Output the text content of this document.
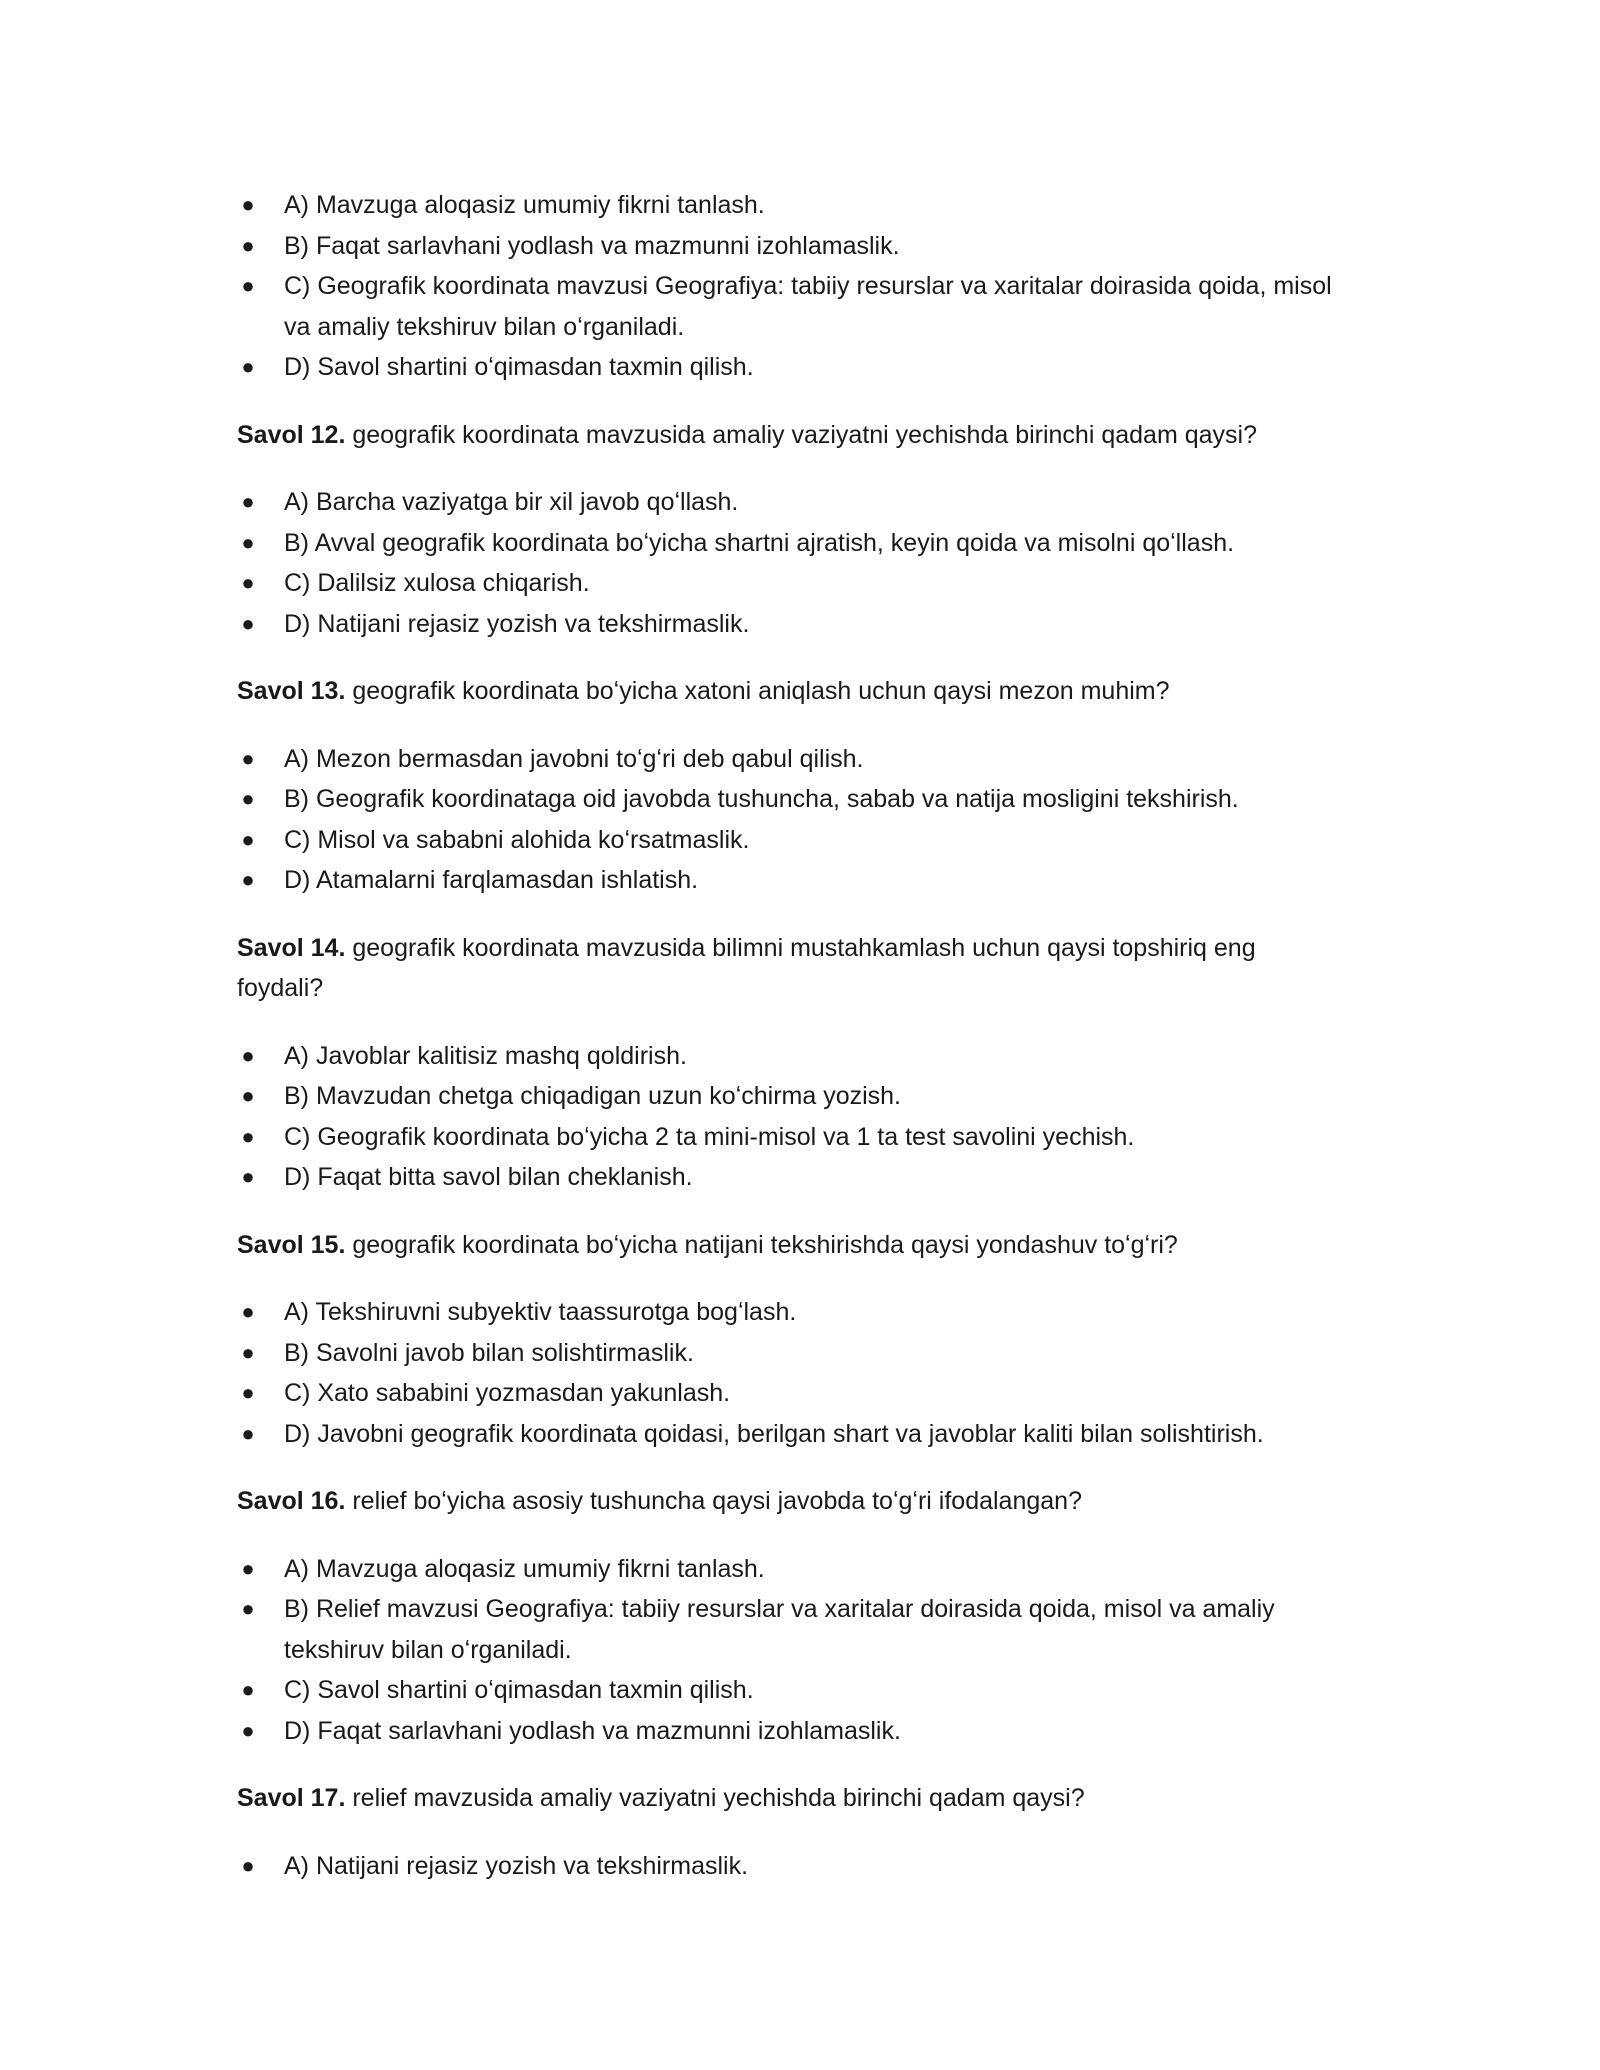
● A) Mavzuga aloqasiz umumiy fikrni tanlash.
● B) Faqat sarlavhani yodlash va mazmunni izohlamaslik.
● C) Geografik koordinata mavzusi Geografiya: tabiiy resurslar va xaritalar doirasida qoida, misol va amaliy tekshiruv bilan oʻrganiladi.
● D) Savol shartini oʻqimasdan taxmin qilish.

Savol 12. geografik koordinata mavzusida amaliy vaziyatni yechishda birinchi qadam qaysi?

● A) Barcha vaziyatga bir xil javob qoʻllash.
● B) Avval geografik koordinata boʻyicha shartni ajratish, keyin qoida va misolni qoʻllash.
● C) Dalilsiz xulosa chiqarish.
● D) Natijani rejasiz yozish va tekshirmaslik.

Savol 13. geografik koordinata boʻyicha xatoni aniqlash uchun qaysi mezon muhim?

● A) Mezon bermasdan javobni toʻgʻri deb qabul qilish.
● B) Geografik koordinataga oid javobda tushuncha, sabab va natija mosligini tekshirish.
● C) Misol va sababni alohida koʻrsatmaslik.
● D) Atamalarni farqlamasdan ishlatish.

Savol 14. geografik koordinata mavzusida bilimni mustahkamlash uchun qaysi topshiriq eng foydali?

● A) Javoblar kalitisiz mashq qoldirish.
● B) Mavzudan chetga chiqadigan uzun koʻchirma yozish.
● C) Geografik koordinata boʻyicha 2 ta mini-misol va 1 ta test savolini yechish.
● D) Faqat bitta savol bilan cheklanish.

Savol 15. geografik koordinata boʻyicha natijani tekshirishda qaysi yondashuv toʻgʻri?

● A) Tekshiruvni subyektiv taassurotga bogʻlash.
● B) Savolni javob bilan solishtirmaslik.
● C) Xato sababini yozmasdan yakunlash.
● D) Javobni geografik koordinata qoidasi, berilgan shart va javoblar kaliti bilan solishtirish.

Savol 16. relief boʻyicha asosiy tushuncha qaysi javobda toʻgʻri ifodalangan?

● A) Mavzuga aloqasiz umumiy fikrni tanlash.
● B) Relief mavzusi Geografiya: tabiiy resurslar va xaritalar doirasida qoida, misol va amaliy tekshiruv bilan oʻrganiladi.
● C) Savol shartini oʻqimasdan taxmin qilish.
● D) Faqat sarlavhani yodlash va mazmunni izohlamaslik.

Savol 17. relief mavzusida amaliy vaziyatni yechishda birinchi qadam qaysi?

● A) Natijani rejasiz yozish va tekshirmaslik.
